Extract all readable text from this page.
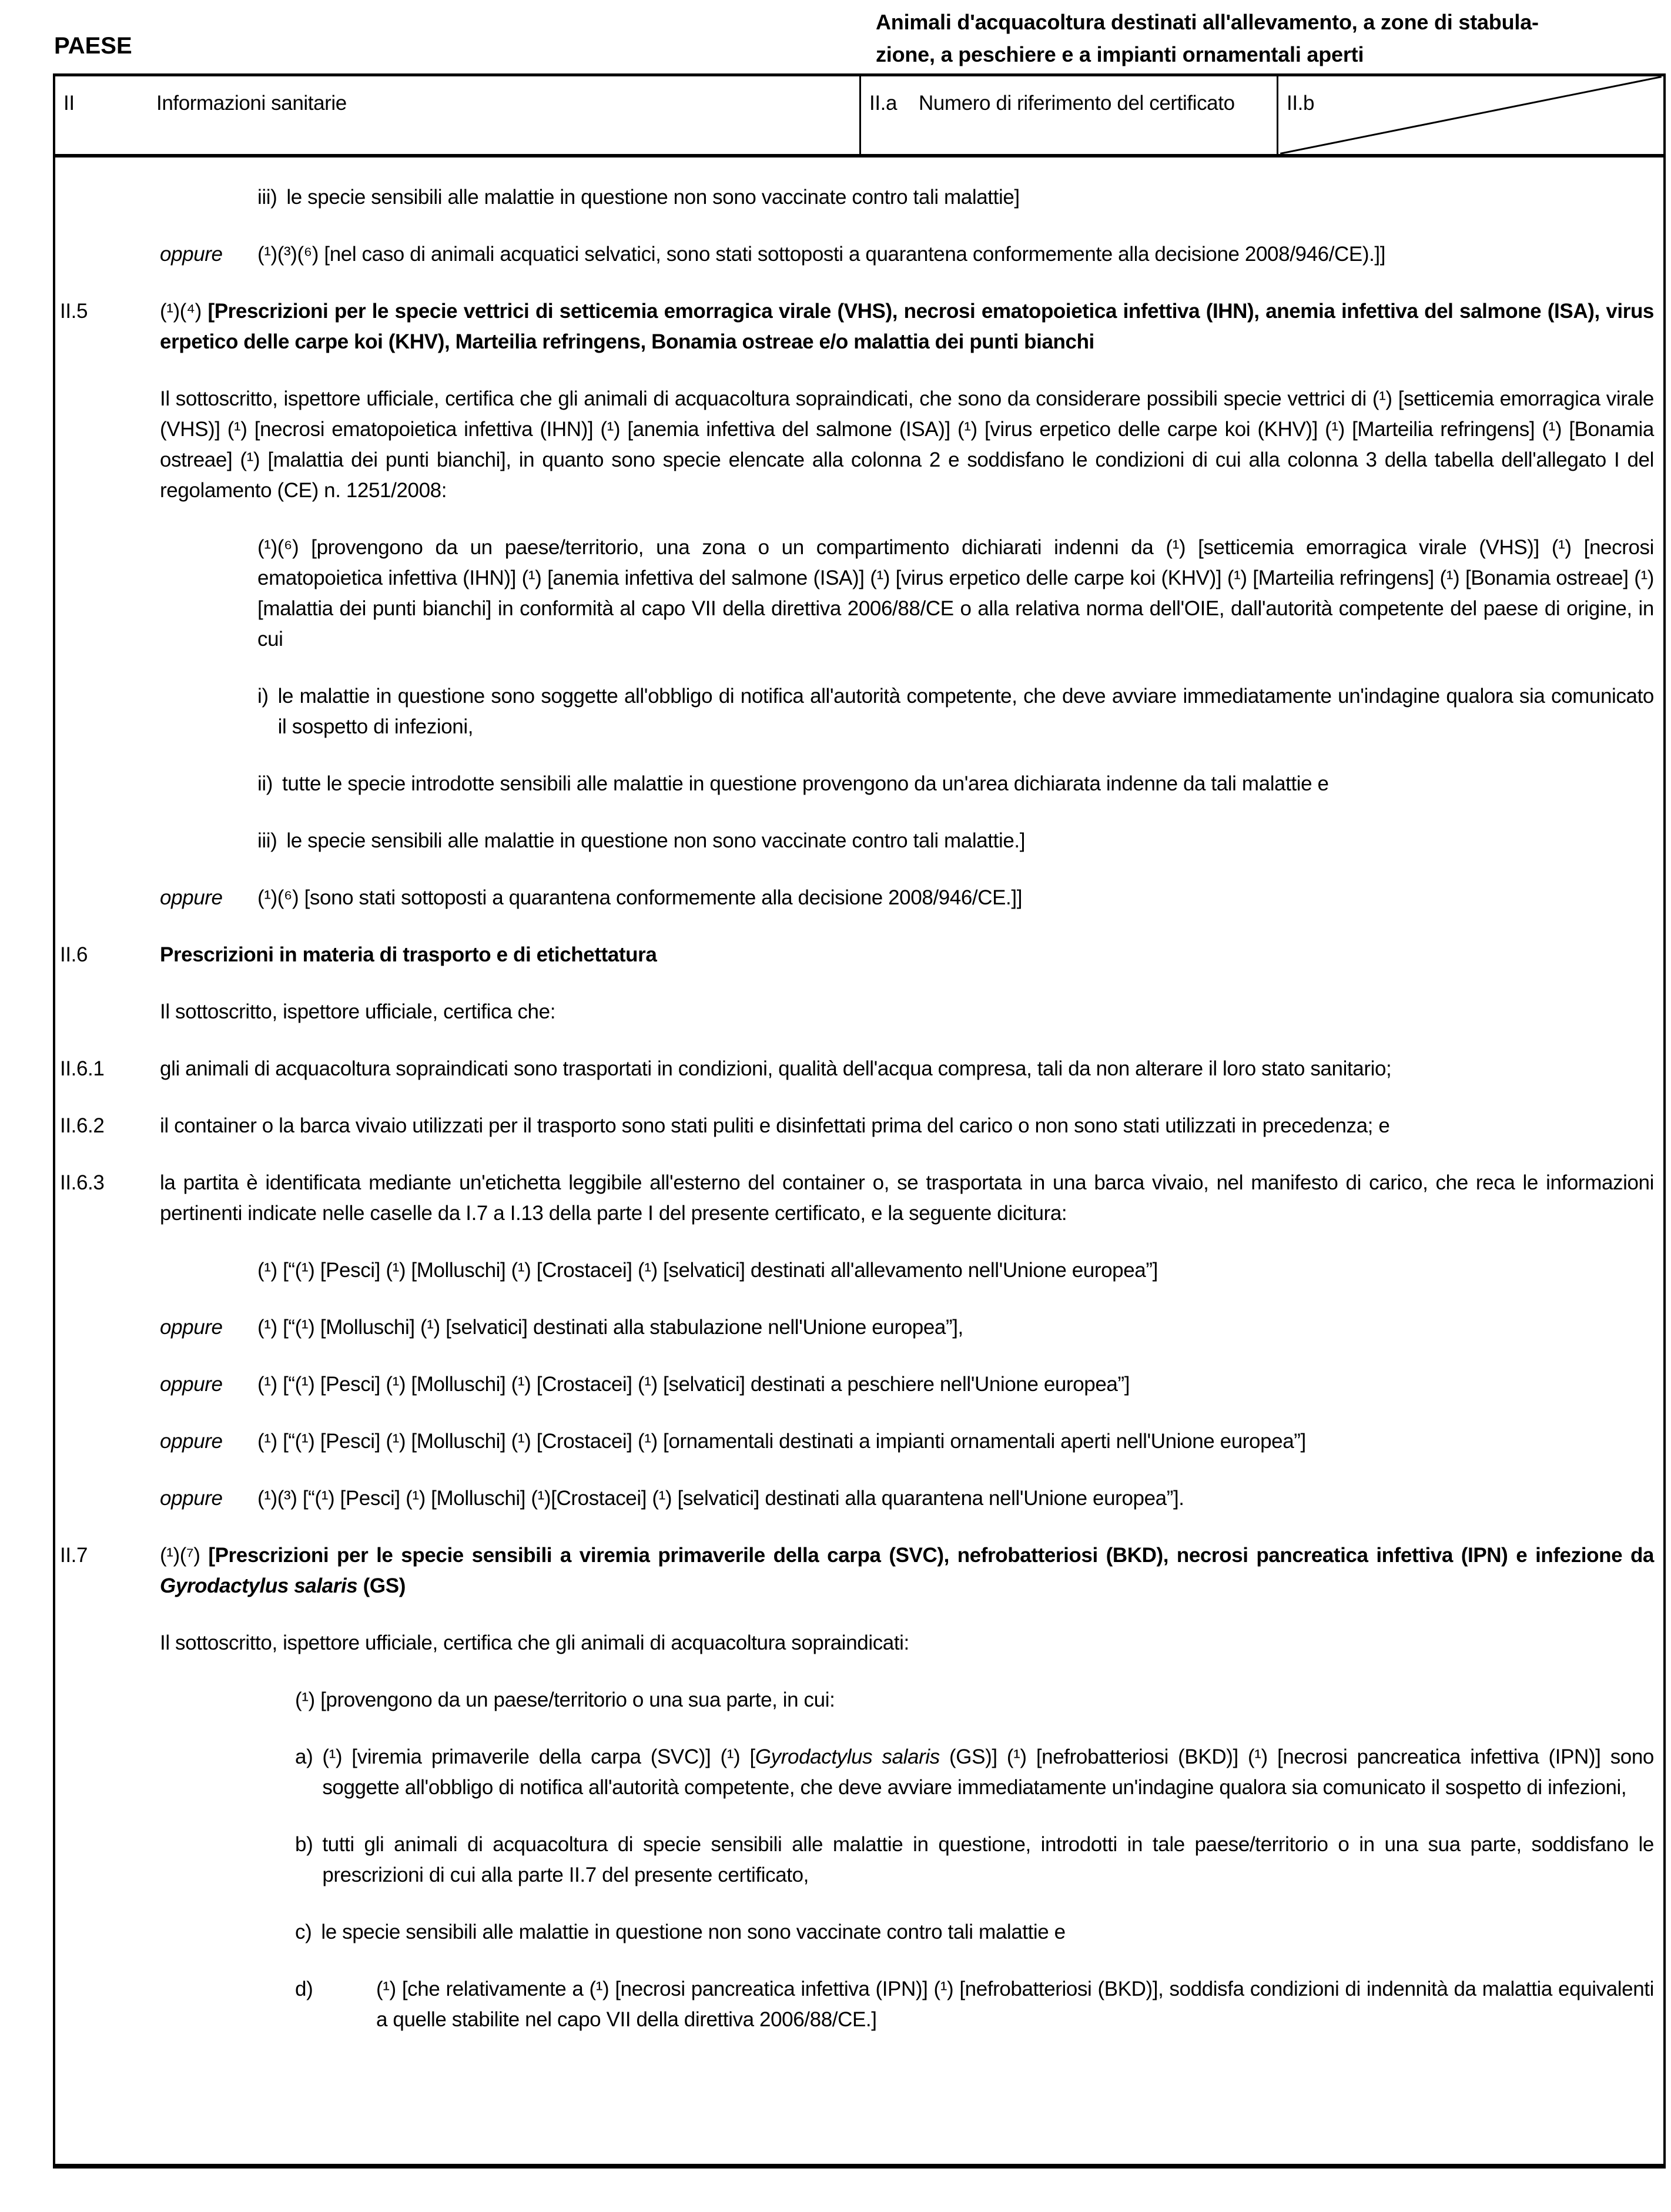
PAESE
Animali d'acquacoltura destinati all'allevamento, a zone di stabula-
zione, a peschiere e a impianti ornamentali aperti
II	Informazioni sanitarie	II.a	Numero di riferimento del certificato	II.b
iii) le specie sensibili alle malattie in questione non sono vaccinate contro tali malattie]
oppure (¹)(³)(⁶) [nel caso di animali acquatici selvatici, sono stati sottoposti a quarantena conformemente alla decisione 2008/946/CE).]]
II.5	(¹)(⁴) [Prescrizioni per le specie vettrici di setticemia emorragica virale (VHS), necrosi ematopoietica infettiva (IHN), anemia infettiva del salmone (ISA), virus erpetico delle carpe koi (KHV), Marteilia refringens, Bonamia ostreae e/o malattia dei punti bianchi
Il sottoscritto, ispettore ufficiale, certifica che gli animali di acquacoltura sopraindicati, che sono da considerare possibili specie vettrici di (¹) [setticemia emorragica virale (VHS)] (¹) [necrosi ematopoietica infettiva (IHN)] (¹) [anemia infettiva del salmone (ISA)] (¹) [virus erpetico delle carpe koi (KHV)] (¹) [Marteilia refringens] (¹) [Bonamia ostreae] (¹) [malattia dei punti bianchi], in quanto sono specie elencate alla colonna 2 e soddisfano le condizioni di cui alla colonna 3 della tabella dell'allegato I del regolamento (CE) n. 1251/2008:
(¹)(⁶) [provengono da un paese/territorio, una zona o un compartimento dichiarati indenni da (¹) [setticemia emorragica virale (VHS)] (¹) [necrosi ematopoietica infettiva (IHN)] (¹) [anemia infettiva del salmone (ISA)] (¹) [virus erpetico delle carpe koi (KHV)] (¹) [Marteilia refringens] (¹) [Bonamia ostreae] (¹) [malattia dei punti bianchi] in conformità al capo VII della direttiva 2006/88/CE o alla relativa norma dell'OIE, dall'autorità competente del paese di origine, in cui
i) le malattie in questione sono soggette all'obbligo di notifica all'autorità competente, che deve avviare immediatamente un'indagine qualora sia comunicato il sospetto di infezioni,
ii) tutte le specie introdotte sensibili alle malattie in questione provengono da un'area dichiarata indenne da tali malattie e
iii) le specie sensibili alle malattie in questione non sono vaccinate contro tali malattie.]
oppure (¹)(⁶) [sono stati sottoposti a quarantena conformemente alla decisione 2008/946/CE.]]
II.6	Prescrizioni in materia di trasporto e di etichettatura
Il sottoscritto, ispettore ufficiale, certifica che:
II.6.1	gli animali di acquacoltura sopraindicati sono trasportati in condizioni, qualità dell'acqua compresa, tali da non alterare il loro stato sanitario;
II.6.2	il container o la barca vivaio utilizzati per il trasporto sono stati puliti e disinfettati prima del carico o non sono stati utilizzati in precedenza; e
II.6.3	la partita è identificata mediante un'etichetta leggibile all'esterno del container o, se trasportata in una barca vivaio, nel manifesto di carico, che reca le informazioni pertinenti indicate nelle caselle da I.7 a I.13 della parte I del presente certificato, e la seguente dicitura:
(¹) [“(¹) [Pesci] (¹) [Molluschi] (¹) [Crostacei] (¹) [selvatici] destinati all'allevamento nell'Unione europea”]
oppure (¹) [“(¹) [Molluschi] (¹) [selvatici] destinati alla stabulazione nell'Unione europea”],
oppure (¹) [“(¹) [Pesci] (¹) [Molluschi] (¹) [Crostacei] (¹) [selvatici] destinati a peschiere nell'Unione europea”]
oppure (¹) [“(¹) [Pesci] (¹) [Molluschi] (¹) [Crostacei] (¹) [ornamentali destinati a impianti ornamentali aperti nell'Unione europea”]
oppure (¹)(³) [“(¹) [Pesci] (¹) [Molluschi] (¹)[Crostacei] (¹) [selvatici] destinati alla quarantena nell'Unione europea”].
II.7	(¹)(⁷) [Prescrizioni per le specie sensibili a viremia primaverile della carpa (SVC), nefrobatteriosi (BKD), necrosi pancreatica infettiva (IPN) e infezione da Gyrodactylus salaris (GS)
Il sottoscritto, ispettore ufficiale, certifica che gli animali di acquacoltura sopraindicati:
(¹) [provengono da un paese/territorio o una sua parte, in cui:
a) (¹) [viremia primaverile della carpa (SVC)] (¹) [Gyrodactylus salaris (GS)] (¹) [nefrobatteriosi (BKD)] (¹) [necrosi pancreatica infettiva (IPN)] sono soggette all'obbligo di notifica all'autorità competente, che deve avviare immediatamente un'indagine qualora sia comunicato il sospetto di infezioni,
b) tutti gli animali di acquacoltura di specie sensibili alle malattie in questione, introdotti in tale paese/territorio o in una sua parte, soddisfano le prescrizioni di cui alla parte II.7 del presente certificato,
c) le specie sensibili alle malattie in questione non sono vaccinate contro tali malattie e
d)	(¹) [che relativamente a (¹) [necrosi pancreatica infettiva (IPN)] (¹) [nefrobatteriosi (BKD)], soddisfa condizioni di indennità da malattia equivalenti a quelle stabilite nel capo VII della direttiva 2006/88/CE.]
